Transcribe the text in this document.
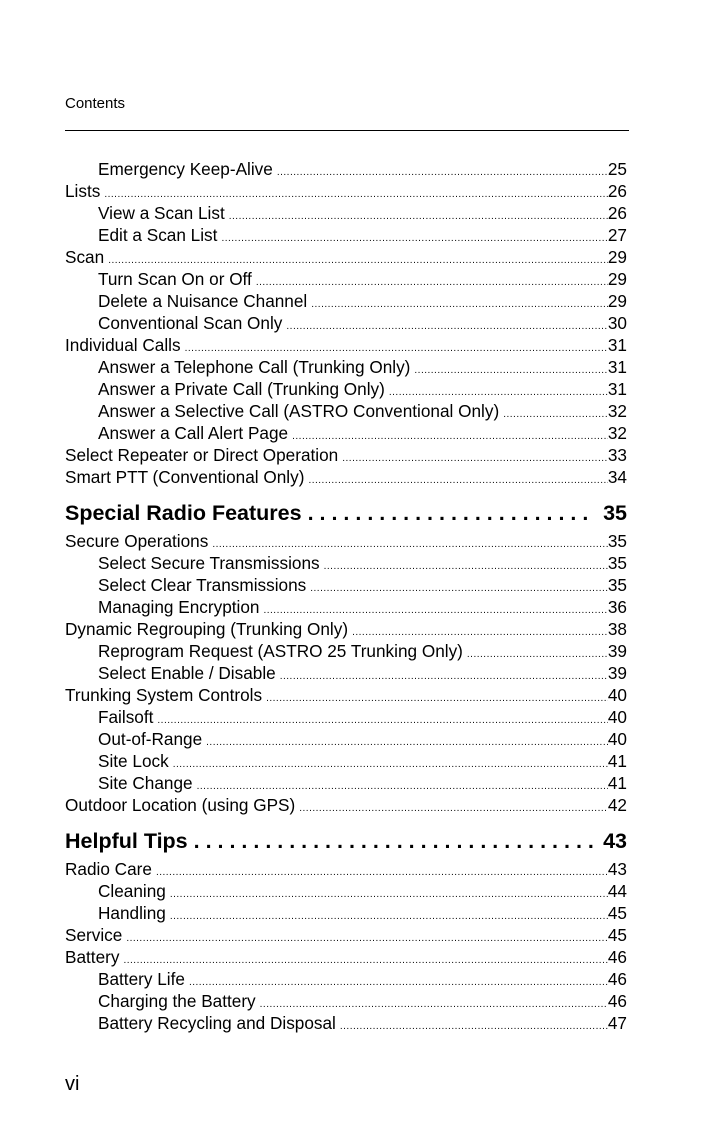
Contents
Emergency Keep-Alive .....	25
Lists .....	26
View a Scan List .....	26
Edit a Scan List .....	27
Scan .....	29
Turn Scan On or Off .....	29
Delete a Nuisance Channel .....	29
Conventional Scan Only .....	30
Individual Calls .....	31
Answer a Telephone Call (Trunking Only) .....	31
Answer a Private Call (Trunking Only) .....	31
Answer a Selective Call (ASTRO Conventional Only) .....	32
Answer a Call Alert Page .....	32
Select Repeater or Direct Operation .....	33
Smart PTT (Conventional Only) .....	34
Special Radio Features . . .	35
Secure Operations .....	35
Select Secure Transmissions .....	35
Select Clear Transmissions .....	35
Managing Encryption .....	36
Dynamic Regrouping (Trunking Only) .....	38
Reprogram Request (ASTRO 25 Trunking Only) .....	39
Select Enable / Disable .....	39
Trunking System Controls .....	40
Failsoft .....	40
Out-of-Range .....	40
Site Lock .....	41
Site Change .....	41
Outdoor Location (using GPS) .....	42
Helpful Tips . . .	43
Radio Care .....	43
Cleaning .....	44
Handling .....	45
Service .....	45
Battery .....	46
Battery Life .....	46
Charging the Battery .....	46
Battery Recycling and Disposal .....	47
vi
